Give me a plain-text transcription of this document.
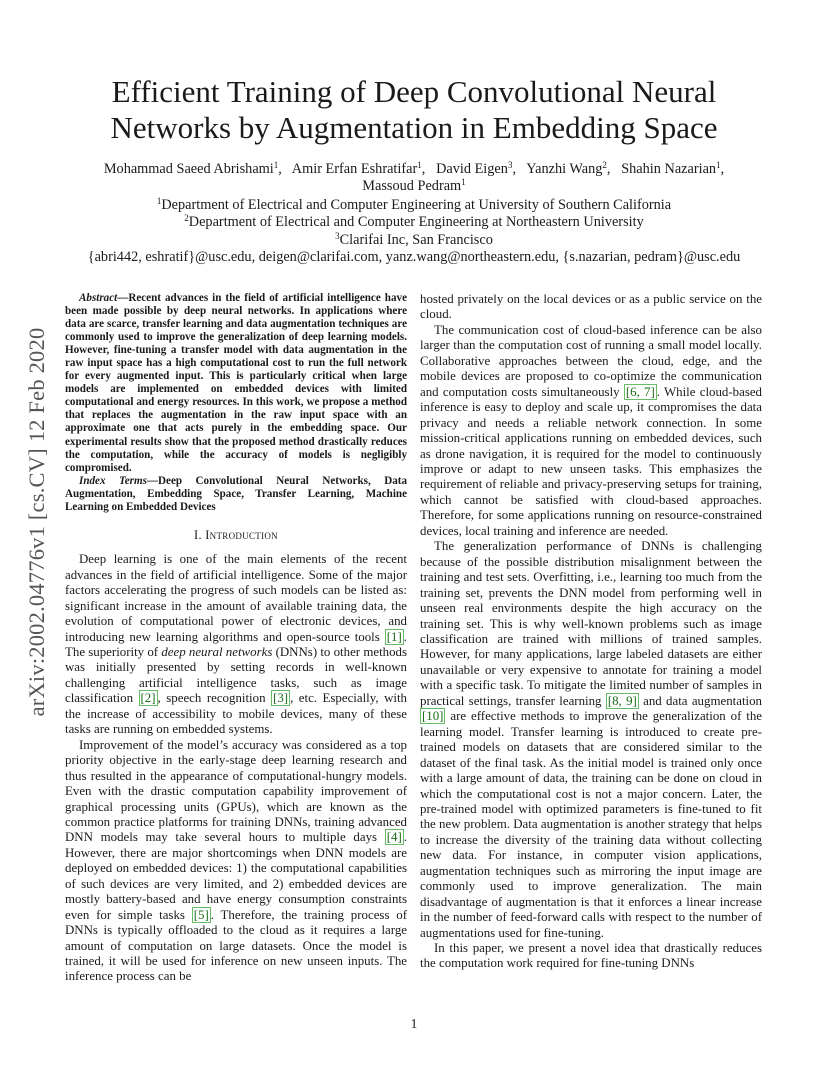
arXiv:2002.04776v1 [cs.CV] 12 Feb 2020
Efficient Training of Deep Convolutional Neural
Networks by Augmentation in Embedding Space
Mohammad Saeed Abrishami$^1$, Amir Erfan Eshratifar$^1$, David Eigen$^3$, Yanzhi Wang$^2$, Shahin Nazarian$^1$,
Massoud Pedram$^1$
$^1$Department of Electrical and Computer Engineering at University of Southern California
$^2$Department of Electrical and Computer Engineering at Northeastern University
$^3$Clarifai Inc, San Francisco
{abri442, eshratif}@usc.edu, deigen@clarifai.com, yanz.wang@northeastern.edu, {s.nazarian, pedram}@usc.edu

Abstract—Recent advances in the field of artificial intelligence have been made possible by deep neural networks. In applications where data are scarce, transfer learning and data augmentation techniques are commonly used to improve the generalization of deep learning models. However, fine-tuning a transfer model with data augmentation in the raw input space has a high computational cost to run the full network for every augmented input. This is particularly critical when large models are implemented on embedded devices with limited computational and energy resources. In this work, we propose a method that replaces the augmentation in the raw input space with an approximate one that acts purely in the embedding space. Our experimental results show that the proposed method drastically reduces the computation, while the accuracy of models is negligibly compromised.

Index Terms—Deep Convolutional Neural Networks, Data Augmentation, Embedding Space, Transfer Learning, Machine Learning on Embedded Devices

I. Introduction

Deep learning is one of the main elements of the recent advances in the field of artificial intelligence. Some of the major factors accelerating the progress of such models can be listed as: significant increase in the amount of available training data, the evolution of computational power of electronic devices, and introducing new learning algorithms and open-source tools [1] . The superiority of deep neural networks (DNNs) to other methods was initially presented by setting records in well-known challenging artificial intelligence tasks, such as image classification [2] , speech recognition [3] , etc. Especially, with the increase of accessibility to mobile devices, many of these tasks are running on embedded systems.

Improvement of the model’s accuracy was considered as a top priority objective in the early-stage deep learning research and thus resulted in the appearance of computational-hungry models. Even with the drastic computation capability improvement of graphical processing units (GPUs), which are known as the common practice platforms for training DNNs, training advanced DNN models may take several hours to multiple days [4] . However, there are major shortcomings when DNN models are deployed on embedded devices: 1) the computational capabilities of such devices are very limited, and 2) embedded devices are mostly battery-based and have energy consumption constraints even for simple tasks [5] . Therefore, the training process of DNNs is typically offloaded to the cloud as it requires a large amount of computation on large datasets. Once the model is trained, it will be used for inference on new unseen inputs. The inference process can be

hosted privately on the local devices or as a public service on the cloud.

The communication cost of cloud-based inference can be also larger than the computation cost of running a small model locally. Collaborative approaches between the cloud, edge, and the mobile devices are proposed to co-optimize the communication and computation costs simultaneously [6, 7] . While cloud-based inference is easy to deploy and scale up, it compromises the data privacy and needs a reliable network connection. In some mission-critical applications running on embedded devices, such as drone navigation, it is required for the model to continuously improve or adapt to new unseen tasks. This emphasizes the requirement of reliable and privacy-preserving setups for training, which cannot be satisfied with cloud-based approaches. Therefore, for some applications running on resource-constrained devices, local training and inference are needed.

The generalization performance of DNNs is challenging because of the possible distribution misalignment between the training and test sets. Overfitting, i.e., learning too much from the training set, prevents the DNN model from performing well in unseen real environments despite the high accuracy on the training set. This is why well-known problems such as image classification are trained with millions of trained samples. However, for many applications, large labeled datasets are either unavailable or very expensive to annotate for training a model with a specific task. To mitigate the limited number of samples in practical settings, transfer learning [8, 9] and data augmentation [10] are effective methods to improve the generalization of the learning model. Transfer learning is introduced to create pre-trained models on datasets that are considered similar to the dataset of the final task. As the initial model is trained only once with a large amount of data, the training can be done on cloud in which the computational cost is not a major concern. Later, the pre-trained model with optimized parameters is fine-tuned to fit the new problem. Data augmentation is another strategy that helps to increase the diversity of the training data without collecting new data. For instance, in computer vision applications, augmentation techniques such as mirroring the input image are commonly used to improve generalization. The main disadvantage of augmentation is that it enforces a linear increase in the number of feed-forward calls with respect to the number of augmentations used for fine-tuning.

In this paper, we present a novel idea that drastically reduces the computation work required for fine-tuning DNNs

1
